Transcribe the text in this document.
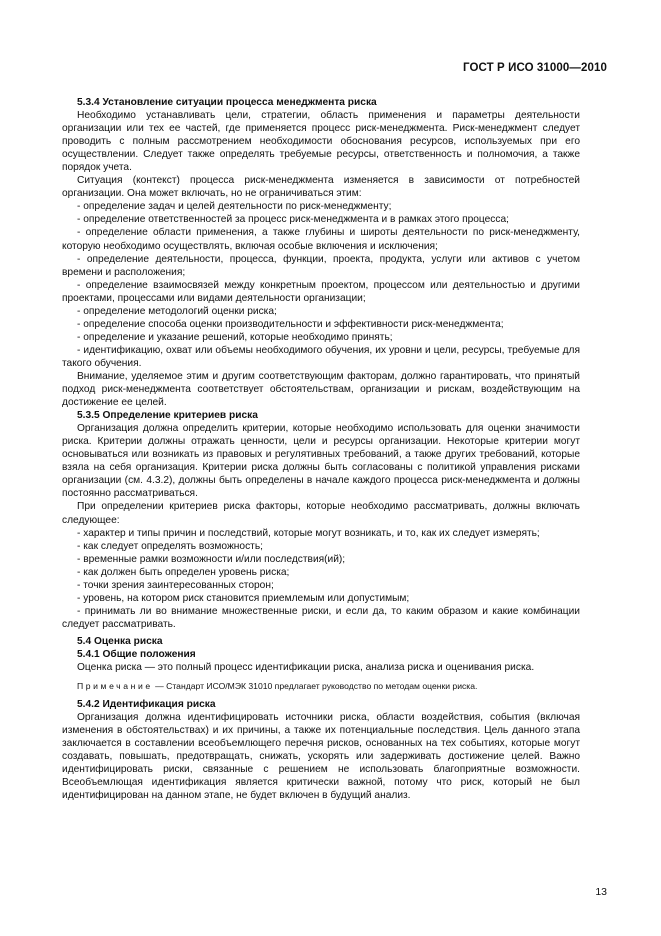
ГОСТ Р ИСО 31000—2010
5.3.4 Установление ситуации процесса менеджмента риска
Необходимо устанавливать цели, стратегии, область применения и параметры деятельности организации или тех ее частей, где применяется процесс риск-менеджмента. Риск-менеджмент следует проводить с полным рассмотрением необходимости обоснования ресурсов, используемых при его осуществлении. Следует также определять требуемые ресурсы, ответственность и полномочия, а также порядок учета.
Ситуация (контекст) процесса риск-менеджмента изменяется в зависимости от потребностей организации. Она может включать, но не ограничиваться этим:
- определение задач и целей деятельности по риск-менеджменту;
- определение ответственностей за процесс риск-менеджмента и в рамках этого процесса;
- определение области применения, а также глубины и широты деятельности по риск-менеджменту, которую необходимо осуществлять, включая особые включения и исключения;
- определение деятельности, процесса, функции, проекта, продукта, услуги или активов с учетом времени и расположения;
- определение взаимосвязей между конкретным проектом, процессом или деятельностью и другими проектами, процессами или видами деятельности организации;
- определение методологий оценки риска;
- определение способа оценки производительности и эффективности риск-менеджмента;
- определение и указание решений, которые необходимо принять;
- идентификацию, охват или объемы необходимого обучения, их уровни и цели, ресурсы, требуемые для такого обучения.
Внимание, уделяемое этим и другим соответствующим факторам, должно гарантировать, что принятый подход риск-менеджмента соответствует обстоятельствам, организации и рискам, воздействующим на достижение ее целей.
5.3.5 Определение критериев риска
Организация должна определить критерии, которые необходимо использовать для оценки значимости риска. Критерии должны отражать ценности, цели и ресурсы организации. Некоторые критерии могут основываться или возникать из правовых и регулятивных требований, а также других требований, которые взяла на себя организация. Критерии риска должны быть согласованы с политикой управления рисками организации (см. 4.3.2), должны быть определены в начале каждого процесса риск-менеджмента и должны постоянно рассматриваться.
При определении критериев риска факторы, которые необходимо рассматривать, должны включать следующее:
- характер и типы причин и последствий, которые могут возникать, и то, как их следует измерять;
- как следует определять возможность;
- временные рамки возможности и/или последствия(ий);
- как должен быть определен уровень риска;
- точки зрения заинтересованных сторон;
- уровень, на котором риск становится приемлемым или допустимым;
- принимать ли во внимание множественные риски, и если да, то каким образом и какие комбинации следует рассматривать.
5.4 Оценка риска
5.4.1 Общие положения
Оценка риска — это полный процесс идентификации риска, анализа риска и оценивания риска.
Примечание — Стандарт ИСО/МЭК 31010 предлагает руководство по методам оценки риска.
5.4.2 Идентификация риска
Организация должна идентифицировать источники риска, области воздействия, события (включая изменения в обстоятельствах) и их причины, а также их потенциальные последствия. Цель данного этапа заключается в составлении всеобъемлющего перечня рисков, основанных на тех событиях, которые могут создавать, повышать, предотвращать, снижать, ускорять или задерживать достижение целей. Важно идентифицировать риски, связанные с решением не использовать благоприятные возможности. Всеобъемлющая идентификация является критически важной, потому что риск, который не был идентифицирован на данном этапе, не будет включен в будущий анализ.
13
